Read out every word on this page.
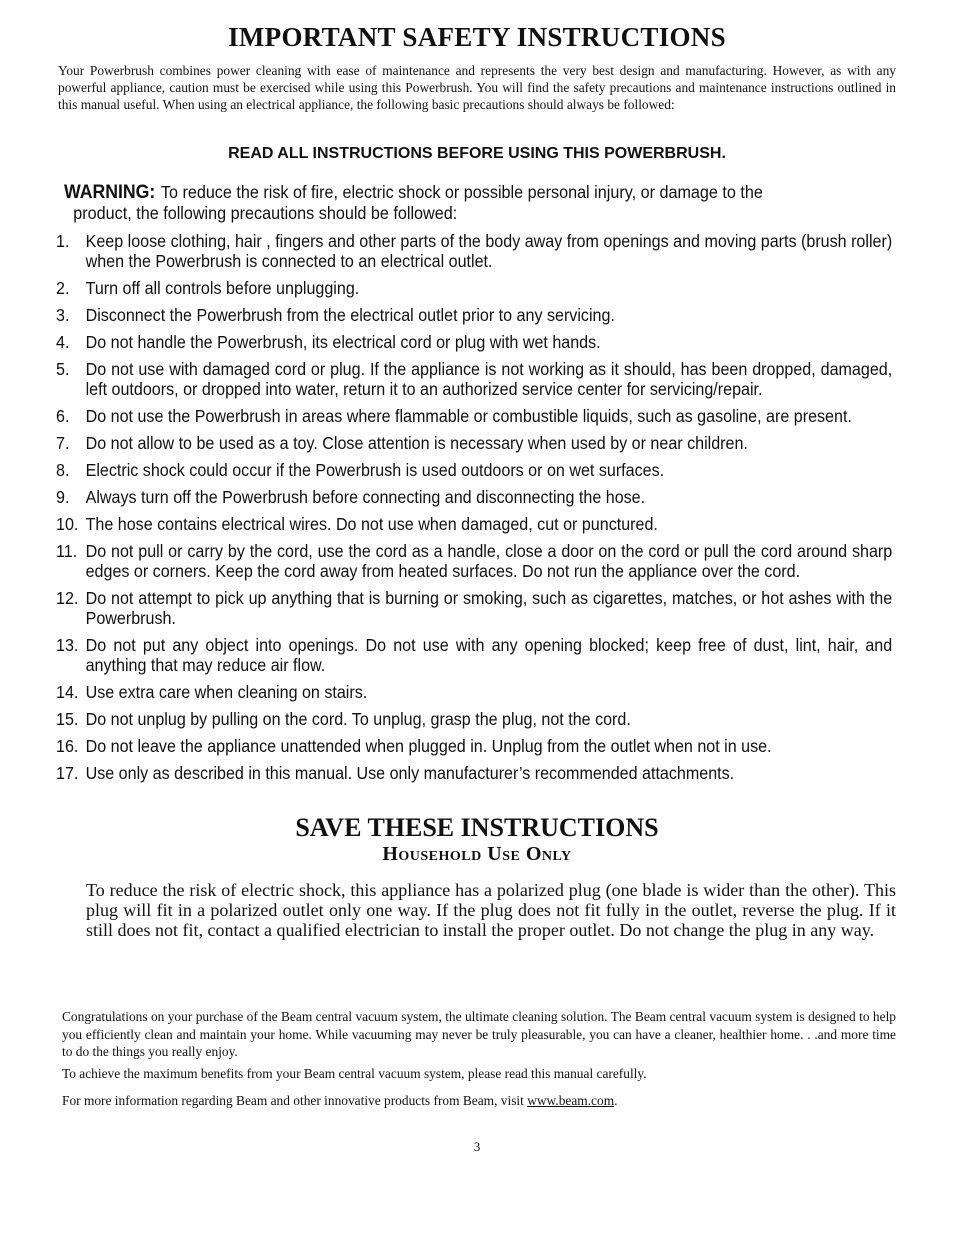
IMPORTANT SAFETY INSTRUCTIONS

Your Powerbrush combines power cleaning with ease of maintenance and represents the very best design and manufacturing. However, as with any powerful appliance, caution must be exercised while using this Powerbrush. You will find the safety precautions and maintenance instructions outlined in this manual useful. When using an electrical appliance, the following basic precautions should always be followed:

READ ALL INSTRUCTIONS BEFORE USING THIS POWERBRUSH.

WARNING: To reduce the risk of fire, electric shock or possible personal injury, or damage to the
product, the following precautions should be followed:
1. Keep loose clothing, hair , fingers and other parts of the body away from openings and moving parts (brush roller) when the Powerbrush is connected to an electrical outlet.
2. Turn off all controls before unplugging.
3. Disconnect the Powerbrush from the electrical outlet prior to any servicing.
4. Do not handle the Powerbrush, its electrical cord or plug with wet hands.
5. Do not use with damaged cord or plug. If the appliance is not working as it should, has been dropped, damaged, left outdoors, or dropped into water, return it to an authorized service center for servicing/repair.
6. Do not use the Powerbrush in areas where flammable or combustible liquids, such as gasoline, are present.
7. Do not allow to be used as a toy. Close attention is necessary when used by or near children.
8. Electric shock could occur if the Powerbrush is used outdoors or on wet surfaces.
9. Always turn off the Powerbrush before connecting and disconnecting the hose.
10. The hose contains electrical wires. Do not use when damaged, cut or punctured.
11. Do not pull or carry by the cord, use the cord as a handle, close a door on the cord or pull the cord around sharp edges or corners. Keep the cord away from heated surfaces. Do not run the appliance over the cord.
12. Do not attempt to pick up anything that is burning or smoking, such as cigarettes, matches, or hot ashes with the Powerbrush.
13. Do not put any object into openings. Do not use with any opening blocked; keep free of dust, lint, hair, and anything that may reduce air flow.
14. Use extra care when cleaning on stairs.
15. Do not unplug by pulling on the cord. To unplug, grasp the plug, not the cord.
16. Do not leave the appliance unattended when plugged in. Unplug from the outlet when not in use.
17. Use only as described in this manual. Use only manufacturer’s recommended attachments.
SAVE THESE INSTRUCTIONS
Household Use Only

To reduce the risk of electric shock, this appliance has a polarized plug (one blade is wider than the other). This plug will fit in a polarized outlet only one way. If the plug does not fit fully in the outlet, reverse the plug. If it still does not fit, contact a qualified electrician to install the proper outlet. Do not change the plug in any way.

Congratulations on your purchase of the Beam central vacuum system, the ultimate cleaning solution. The Beam central vacuum system is designed to help you efficiently clean and maintain your home. While vacuuming may never be truly pleasurable, you can have a cleaner, healthier home. . .and more time to do the things you really enjoy.

To achieve the maximum benefits from your Beam central vacuum system, please read this manual carefully.

For more information regarding Beam and other innovative products from Beam, visit www.beam.com.

3
